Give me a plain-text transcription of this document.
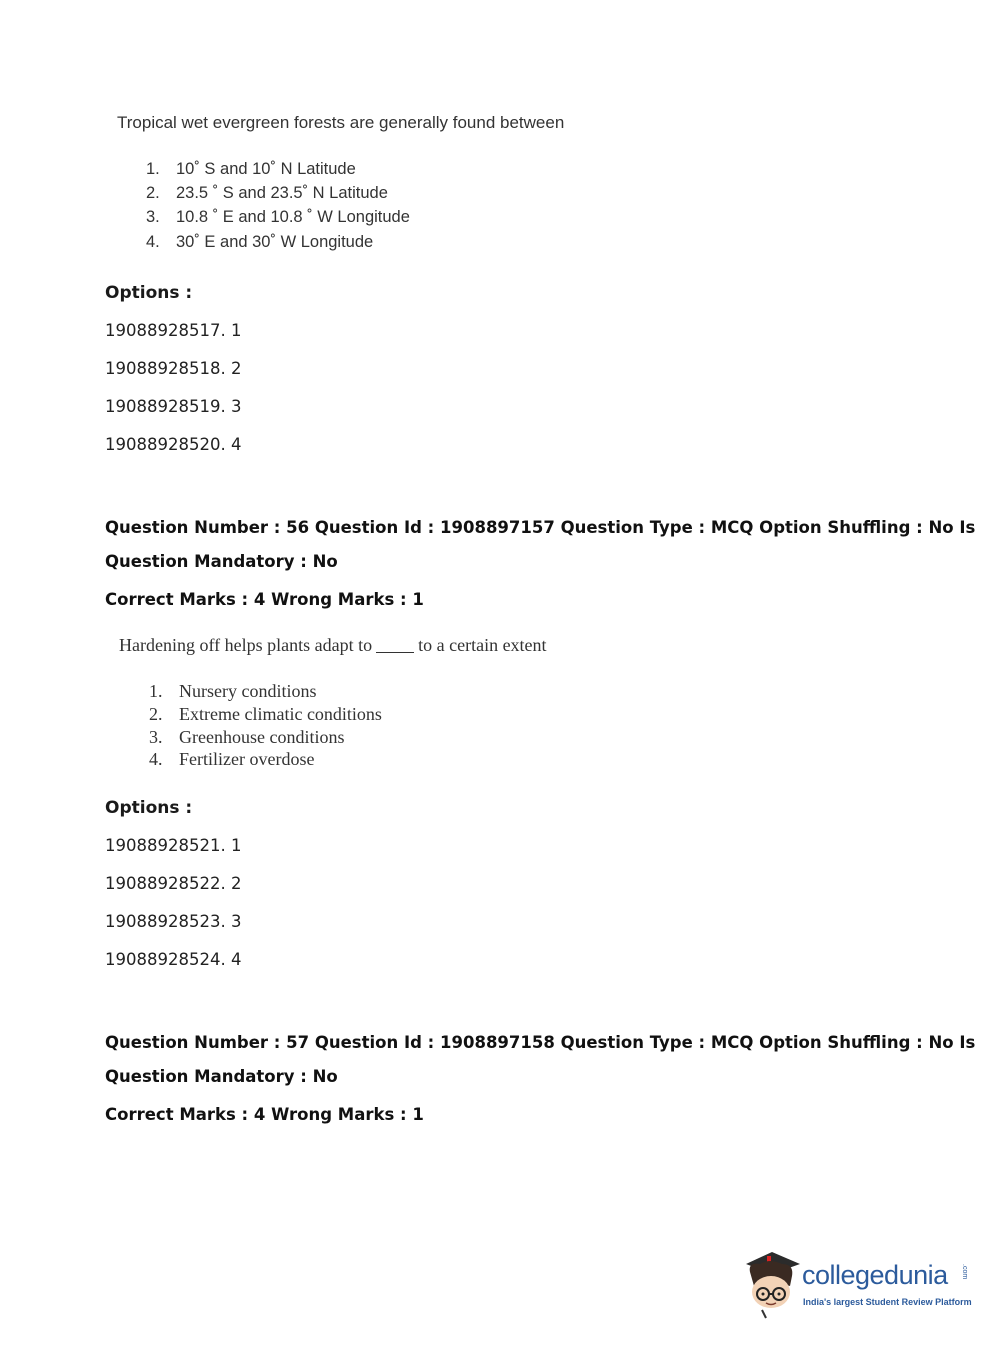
Tropical wet evergreen forests are generally found between
1. 10˚ S and 10˚ N Latitude
2. 23.5 ˚ S and 23.5˚ N Latitude
3. 10.8 ˚ E and 10.8 ˚ W Longitude
4. 30˚ E and 30˚ W Longitude
Options :
19088928517. 1
19088928518. 2
19088928519. 3
19088928520. 4
Question Number : 56 Question Id : 1908897157 Question Type : MCQ Option Shuffling : No Is
Question Mandatory : No
Correct Marks : 4 Wrong Marks : 1
Hardening off helps plants adapt to	to a certain extent
1. Nursery conditions
2. Extreme climatic conditions
3. Greenhouse conditions
4. Fertilizer overdose
Options :
19088928521. 1
19088928522. 2
19088928523. 3
19088928524. 4
Question Number : 57 Question Id : 1908897158 Question Type : MCQ Option Shuffling : No Is
Question Mandatory : No
Correct Marks : 4 Wrong Marks : 1
collegedunia .com
India's largest Student Review Platform
